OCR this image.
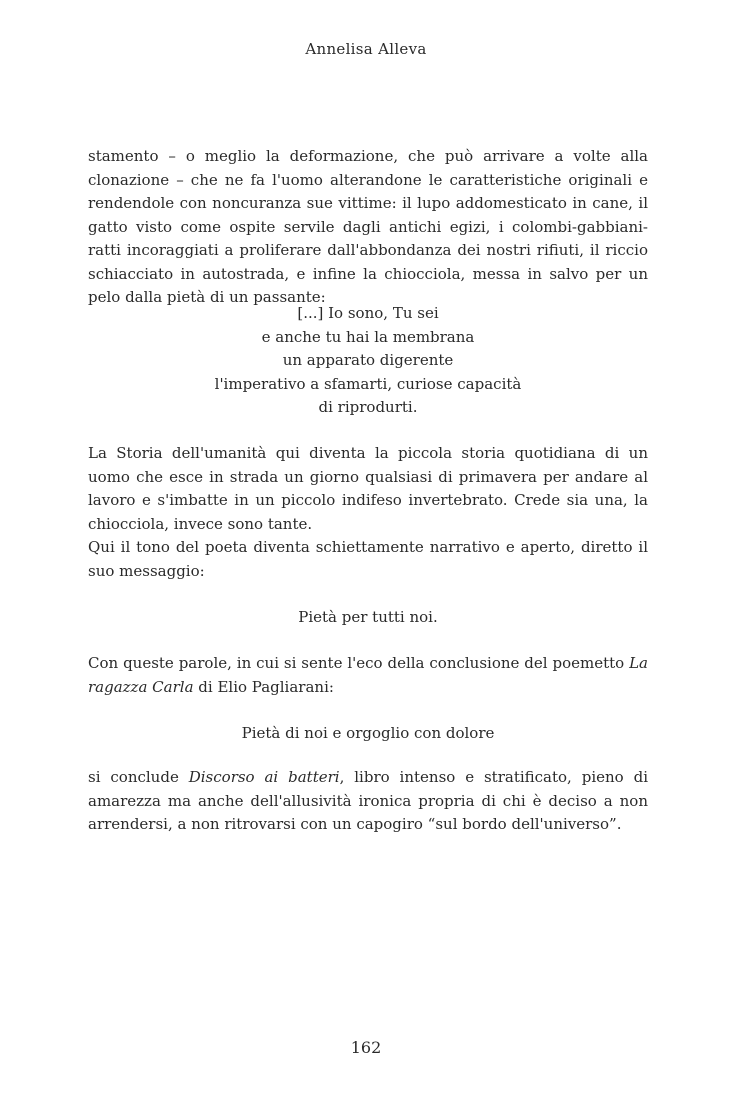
Annelisa Alleva

stamento – o meglio la deformazione, che può arrivare a volte alla clonazione – che ne fa l'uomo alterandone le caratteristiche originali e rendendole con noncuranza sue vittime: il lupo addomesticato in cane, il gatto visto come ospite servile dagli antichi egizi, i colombi-gabbiani-ratti incoraggiati a proliferare dall'abbondanza dei nostri rifiuti, il riccio schiacciato in autostrada, e infine la chiocciola, messa in salvo per un pelo dalla pietà di un passante:

[...] Io sono, Tu sei
e anche tu hai la membrana
un apparato digerente
l'imperativo a sfamarti, curiose capacità
di riprodurti.

La Storia dell'umanità qui diventa la piccola storia quotidiana di un uomo che esce in strada un giorno qualsiasi di primavera per andare al lavoro e s'imbatte in un piccolo indifeso invertebrato. Crede sia una, la chiocciola, invece sono tante.

Qui il tono del poeta diventa schiettamente narrativo e aperto, diretto il suo messaggio:

Pietà per tutti noi.

Con queste parole, in cui si sente l'eco della conclusione del poemetto La ragazza Carla di Elio Pagliarani:

Pietà di noi e orgoglio con dolore

si conclude Discorso ai batteri, libro intenso e stratificato, pieno di amarezza ma anche dell'allusività ironica propria di chi è deciso a non arrendersi, a non ritrovarsi con un capogiro “sul bordo dell'universo”.

162
